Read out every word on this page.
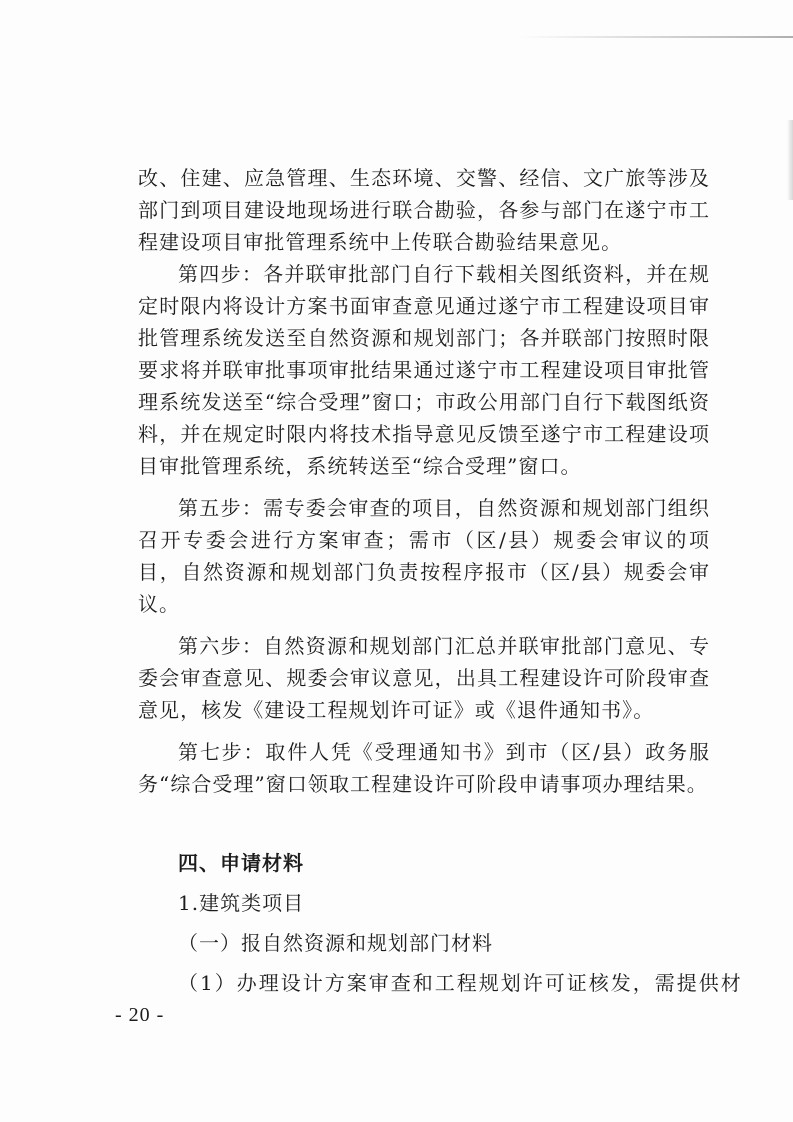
改、住建、应急管理、生态环境、交警、经信、文广旅等涉及部门到项目建设地现场进行联合勘验，各参与部门在遂宁市工程建设项目审批管理系统中上传联合勘验结果意见。

第四步：各并联审批部门自行下载相关图纸资料，并在规定时限内将设计方案书面审查意见通过遂宁市工程建设项目审批管理系统发送至自然资源和规划部门；各并联部门按照时限要求将并联审批事项审批结果通过遂宁市工程建设项目审批管理系统发送至“综合受理”窗口；市政公用部门自行下载图纸资料，并在规定时限内将技术指导意见反馈至遂宁市工程建设项目审批管理系统，系统转送至“综合受理”窗口。

第五步：需专委会审查的项目，自然资源和规划部门组织召开专委会进行方案审查；需市（区/县）规委会审议的项目，自然资源和规划部门负责按程序报市（区/县）规委会审议。

第六步：自然资源和规划部门汇总并联审批部门意见、专委会审查意见、规委会审议意见，出具工程建设许可阶段审查意见，核发《建设工程规划许可证》或《退件通知书》。

第七步：取件人凭《受理通知书》到市（区/县）政务服务“综合受理”窗口领取工程建设许可阶段申请事项办理结果。

四、申请材料
1.建筑类项目
（一）报自然资源和规划部门材料
（1）办理设计方案审查和工程规划许可证核发，需提供材
- 20 -
